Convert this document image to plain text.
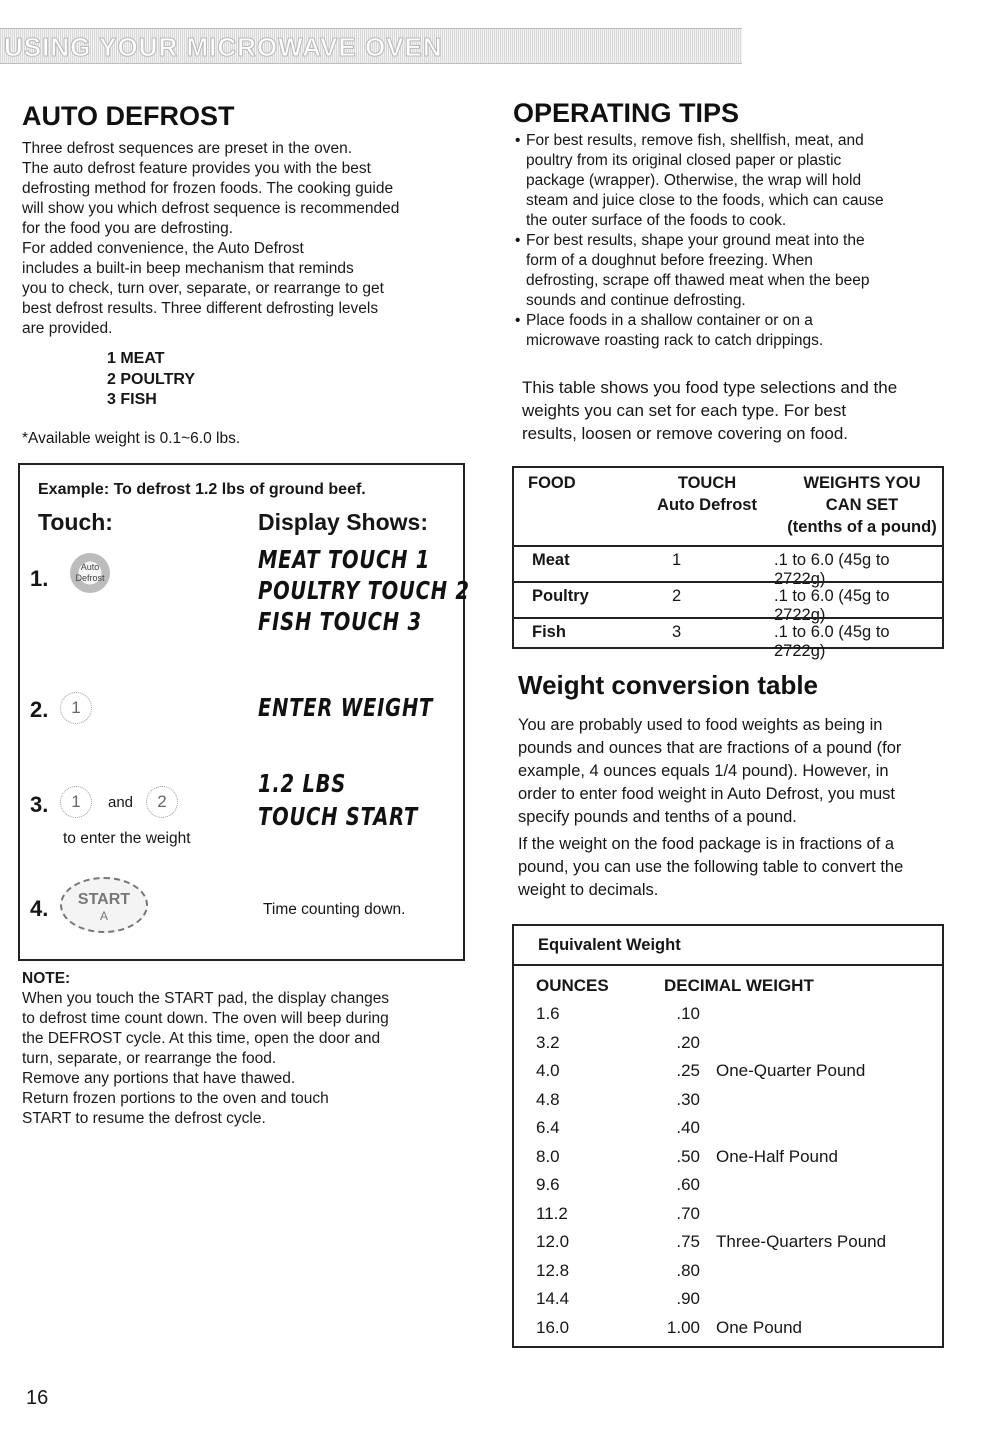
USING YOUR MICROWAVE OVEN
AUTO DEFROST

Three defrost sequences are preset in the oven.

The auto defrost feature provides you with the best

defrosting method for frozen foods. The cooking guide

will show you which defrost sequence is recommended

for the food you are defrosting.

For added convenience, the Auto Defrost

includes a built-in beep mechanism that reminds

you to check, turn over, separate, or rearrange to get

best defrost results. Three different defrosting levels

are provided.

1 MEAT
2 POULTRY
3 FISH
*Available weight is 0.1~6.0 lbs.
Example: To defrost 1.2 lbs of ground beef.
Touch:	Display Shows:
1.	Auto
Defrost
MEAT TOUCH 1
POULTRY TOUCH 2
FISH TOUCH 3
2.	1	ENTER WEIGHT
3.	1	and	2
to enter the weight
1.2 LBS
TOUCH START
4.	START
A	Time counting down.
NOTE:

When you touch the START pad, the display changes

to defrost time count down. The oven will beep during

the DEFROST cycle. At this time, open the door and

turn, separate, or rearrange the food.

Remove any portions that have thawed.

Return frozen portions to the oven and touch

START to resume the defrost cycle.

OPERATING TIPS
• For best results, remove fish, shellfish, meat, and
poultry from its original closed paper or plastic
package (wrapper). Otherwise, the wrap will hold
steam and juice close to the foods, which can cause
the outer surface of the foods to cook.
• For best results, shape your ground meat into the
form of a doughnut before freezing. When
defrosting, scrape off thawed meat when the beep
sounds and continue defrosting.
• Place foods in a shallow container or on a
microwave roasting rack to catch drippings.
This table shows you food type selections and the
weights you can set for each type. For best
results, loosen or remove covering on food.
FOOD	TOUCH
Auto Defrost
WEIGHTS YOU
CAN SET
(tenths of a pound)
Meat	1	.1 to 6.0 (45g to 2722g)
Poultry	2	.1 to 6.0 (45g to 2722g)
Fish	3	.1 to 6.0 (45g to 2722g)
Weight conversion table

You are probably used to food weights as being in
pounds and ounces that are fractions of a pound (for
example, 4 ounces equals 1/4 pound). However, in
order to enter food weight in Auto Defrost, you must
specify pounds and tenths of a pound.

If the weight on the food package is in fractions of a
pound, you can use the following table to convert the
weight to decimals.

Equivalent Weight
OUNCES	DECIMAL WEIGHT
1.6	.10
3.2	.20
4.0	.25 One-Quarter Pound
4.8	.30
6.4	.40
8.0	.50 One-Half Pound
9.6	.60
11.2	.70
12.0	.75 Three-Quarters Pound
12.8	.80
14.4	.90
16.0	1.00 One Pound
16
